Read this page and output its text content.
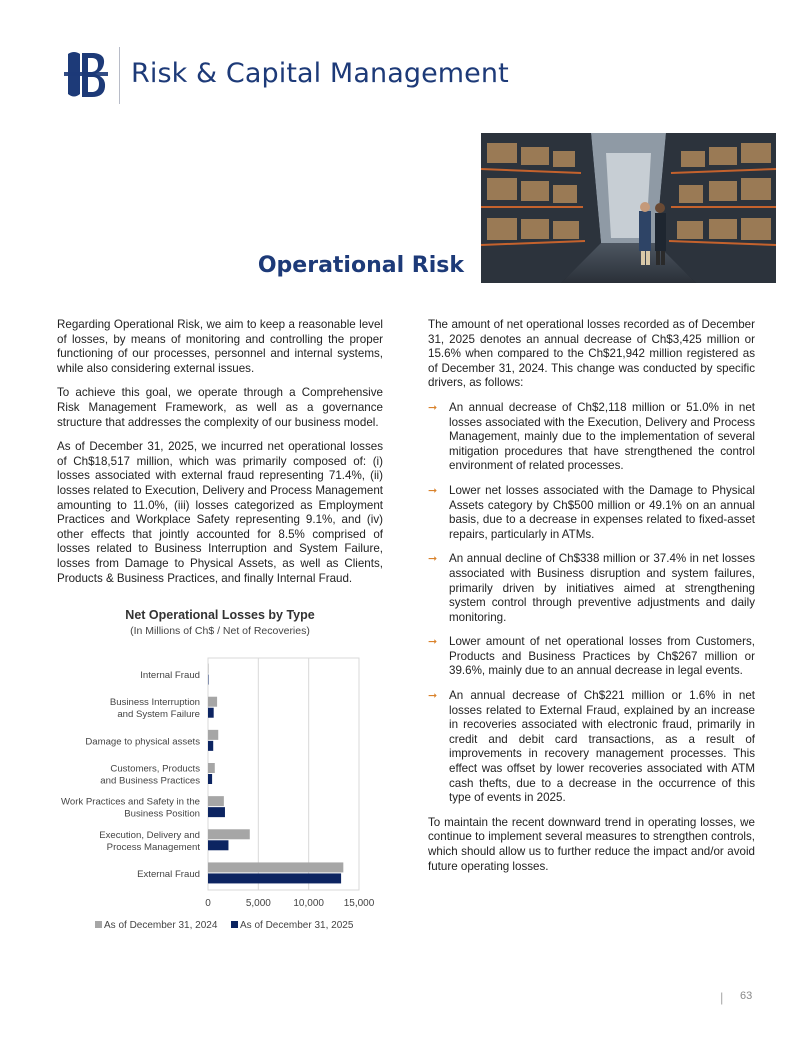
Risk & Capital Management
Operational Risk

Regarding Operational Risk, we aim to keep a reasonable level of losses, by means of monitoring and controlling the proper functioning of our processes, personnel and internal systems, while also considering external issues.

To achieve this goal, we operate through a Comprehensive Risk Management Framework, as well as a governance structure that addresses the complexity of our business model.

As of December 31, 2025, we incurred net operational losses of Ch$18,517 million, which was primarily composed of: (i) losses associated with external fraud representing 71.4%, (ii) losses related to Execution, Delivery and Process Management amounting to 11.0%, (iii) losses categorized as Employment Practices and Workplace Safety representing 9.1%, and (iv) other effects that jointly accounted for 8.5% comprised of losses related to Business Interruption and System Failure, losses from Damage to Physical Assets, as well as Clients, Products & Business Practices, and finally Internal Fraud.

Net Operational Losses by Type
(In Millions of Ch$ / Net of Recoveries)
0	5,000 10,000 15,000
Internal Fraud
Business Interruption and System Failure
Damage to physical assets
Customers, Products and Business Practices
Work Practices and Safety in the Business Position
Execution, Delivery and Process Management
External Fraud
As of December 31, 2024 As of December 31, 2025

The amount of net operational losses recorded as of December 31, 2025 denotes an annual decrease of Ch$3,425 million or 15.6% when compared to the Ch$21,942 million registered as of December 31, 2024. This change was conducted by specific drivers, as follows:

➞ An annual decrease of Ch$2,118 million or 51.0% in net losses associated with the Execution, Delivery and Process Management, mainly due to the implementation of several mitigation procedures that have strengthened the control environment of related processes.
➞ Lower net losses associated with the Damage to Physical Assets category by Ch$500 million or 49.1% on an annual basis, due to a decrease in expenses related to fixed-asset repairs, particularly in ATMs.
➞ An annual decline of Ch$338 million or 37.4% in net losses associated with Business disruption and system failures, primarily driven by initiatives aimed at strengthening system control through preventive adjustments and daily monitoring.
➞ Lower amount of net operational losses from Customers, Products and Business Practices by Ch$267 million or 39.6%, mainly due to an annual decrease in legal events.
➞ An annual decrease of Ch$221 million or 1.6% in net losses related to External Fraud, explained by an increase in recoveries associated with electronic fraud, primarily in credit and debit card transactions, as a result of improvements in recovery management processes. This effect was offset by lower recoveries associated with ATM cash thefts, due to a decrease in the occurrence of this type of events in 2025.

To maintain the recent downward trend in operating losses, we continue to implement several measures to strengthen controls, which should allow us to further reduce the impact and/or avoid future operating losses.

| 63
